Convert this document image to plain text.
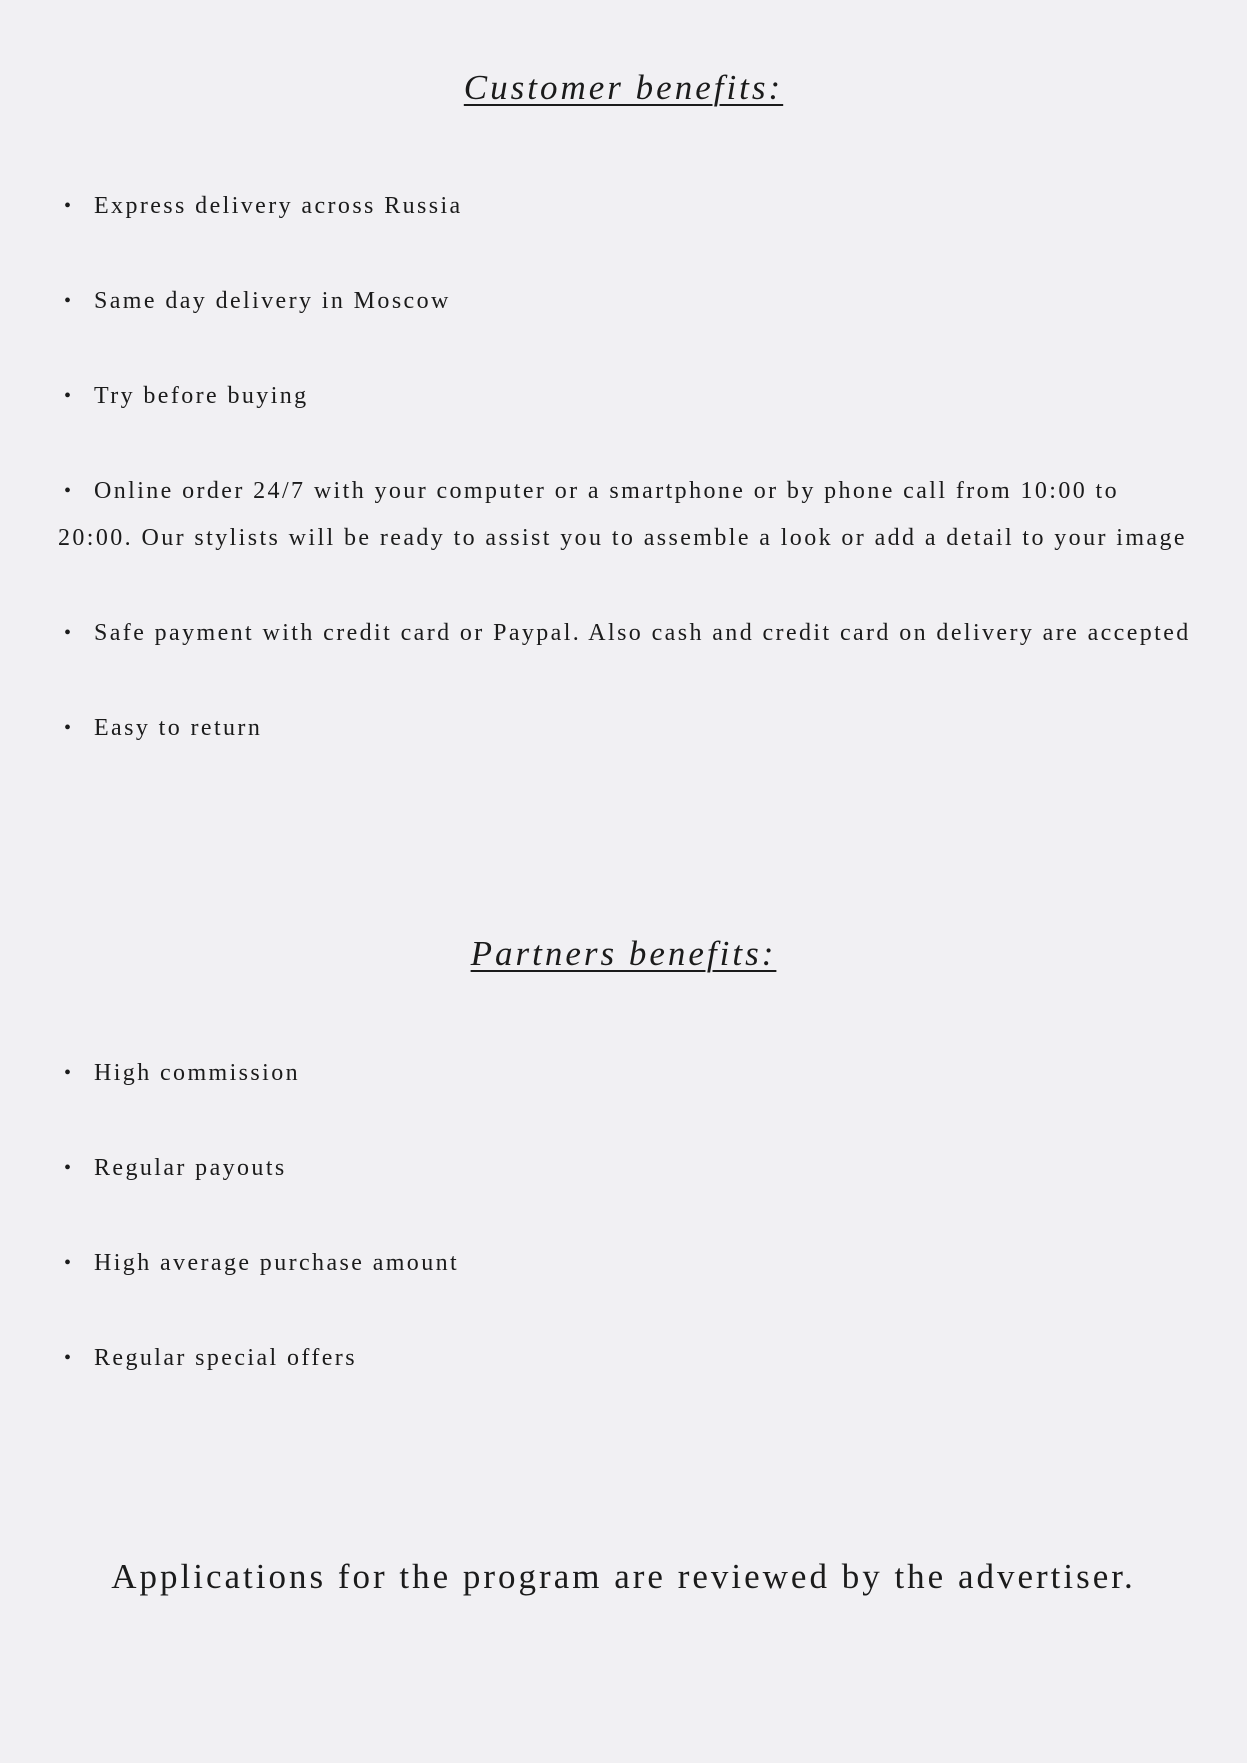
Customer benefits:
• Express delivery across Russia
• Same day delivery in Moscow
• Try before buying
• Online order 24/7 with your computer or a smartphone or by phone call from 10:00 to 20:00. Our stylists will be ready to assist you to assemble a look or add a detail to your image
• Safe payment with credit card or Paypal. Also cash and credit card on delivery are accepted
• Easy to return
Partners benefits:
• High commission
• Regular payouts
• High average purchase amount
• Regular special offers

Applications for the program are reviewed by the advertiser.
